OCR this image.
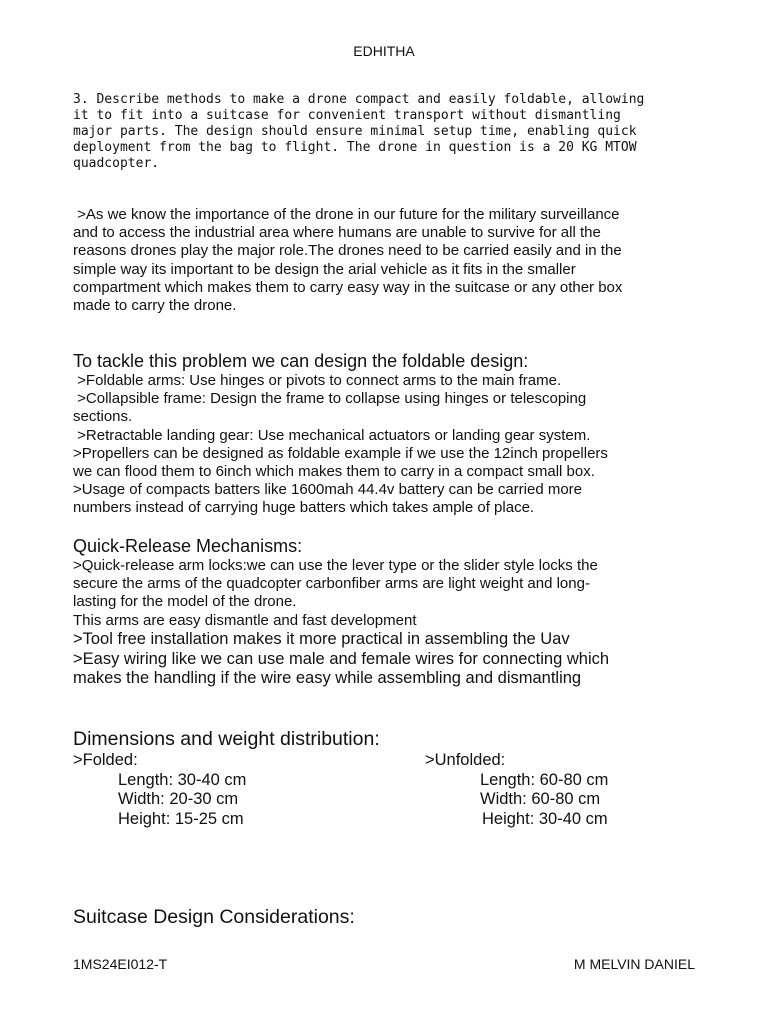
EDHITHA
3. Describe methods to make a drone compact and easily foldable, allowing
it to fit into a suitcase for convenient transport without dismantling
major parts. The design should ensure minimal setup time, enabling quick
deployment from the bag to flight. The drone in question is a 20 KG MTOW
quadcopter.
>As we know the importance of the drone in our future for the military surveillance
and to access the industrial area where humans are unable to survive for all the
reasons drones play the major role.The drones need to be carried easily and in the
simple way its important to be design the arial vehicle as it fits in the smaller
compartment which makes them to carry easy way in the suitcase or any other box
made to carry the drone.
To tackle this problem we can design the foldable design:
>Foldable arms: Use hinges or pivots to connect arms to the main frame.
>Collapsible frame: Design the frame to collapse using hinges or telescoping
sections.
>Retractable landing gear: Use mechanical actuators or landing gear system.
>Propellers can be designed as foldable example if we use the 12inch propellers
we can flood them to 6inch which makes them to carry in a compact small box.
>Usage of compacts batters like 1600mah 44.4v battery can be carried more
numbers instead of carrying huge batters which takes ample of place.
Quick-Release Mechanisms:
>Quick-release arm locks:we can use the lever type or the slider style locks the
secure the arms of the quadcopter carbonfiber arms are light weight and long-
lasting for the model of the drone.
This arms are easy dismantle and fast development
>Tool free installation makes it more practical in assembling the Uav
>Easy wiring like we can use male and female wires for connecting which
makes the handling if the wire easy while assembling and dismantling
Dimensions and weight distribution:
>Folded:
Length: 30-40 cm
Width: 20-30 cm
Height: 15-25 cm
>Unfolded:
Length: 60-80 cm
Width: 60-80 cm
Height: 30-40 cm
Suitcase Design Considerations:
1MS24EI012-T	M MELVIN DANIEL
